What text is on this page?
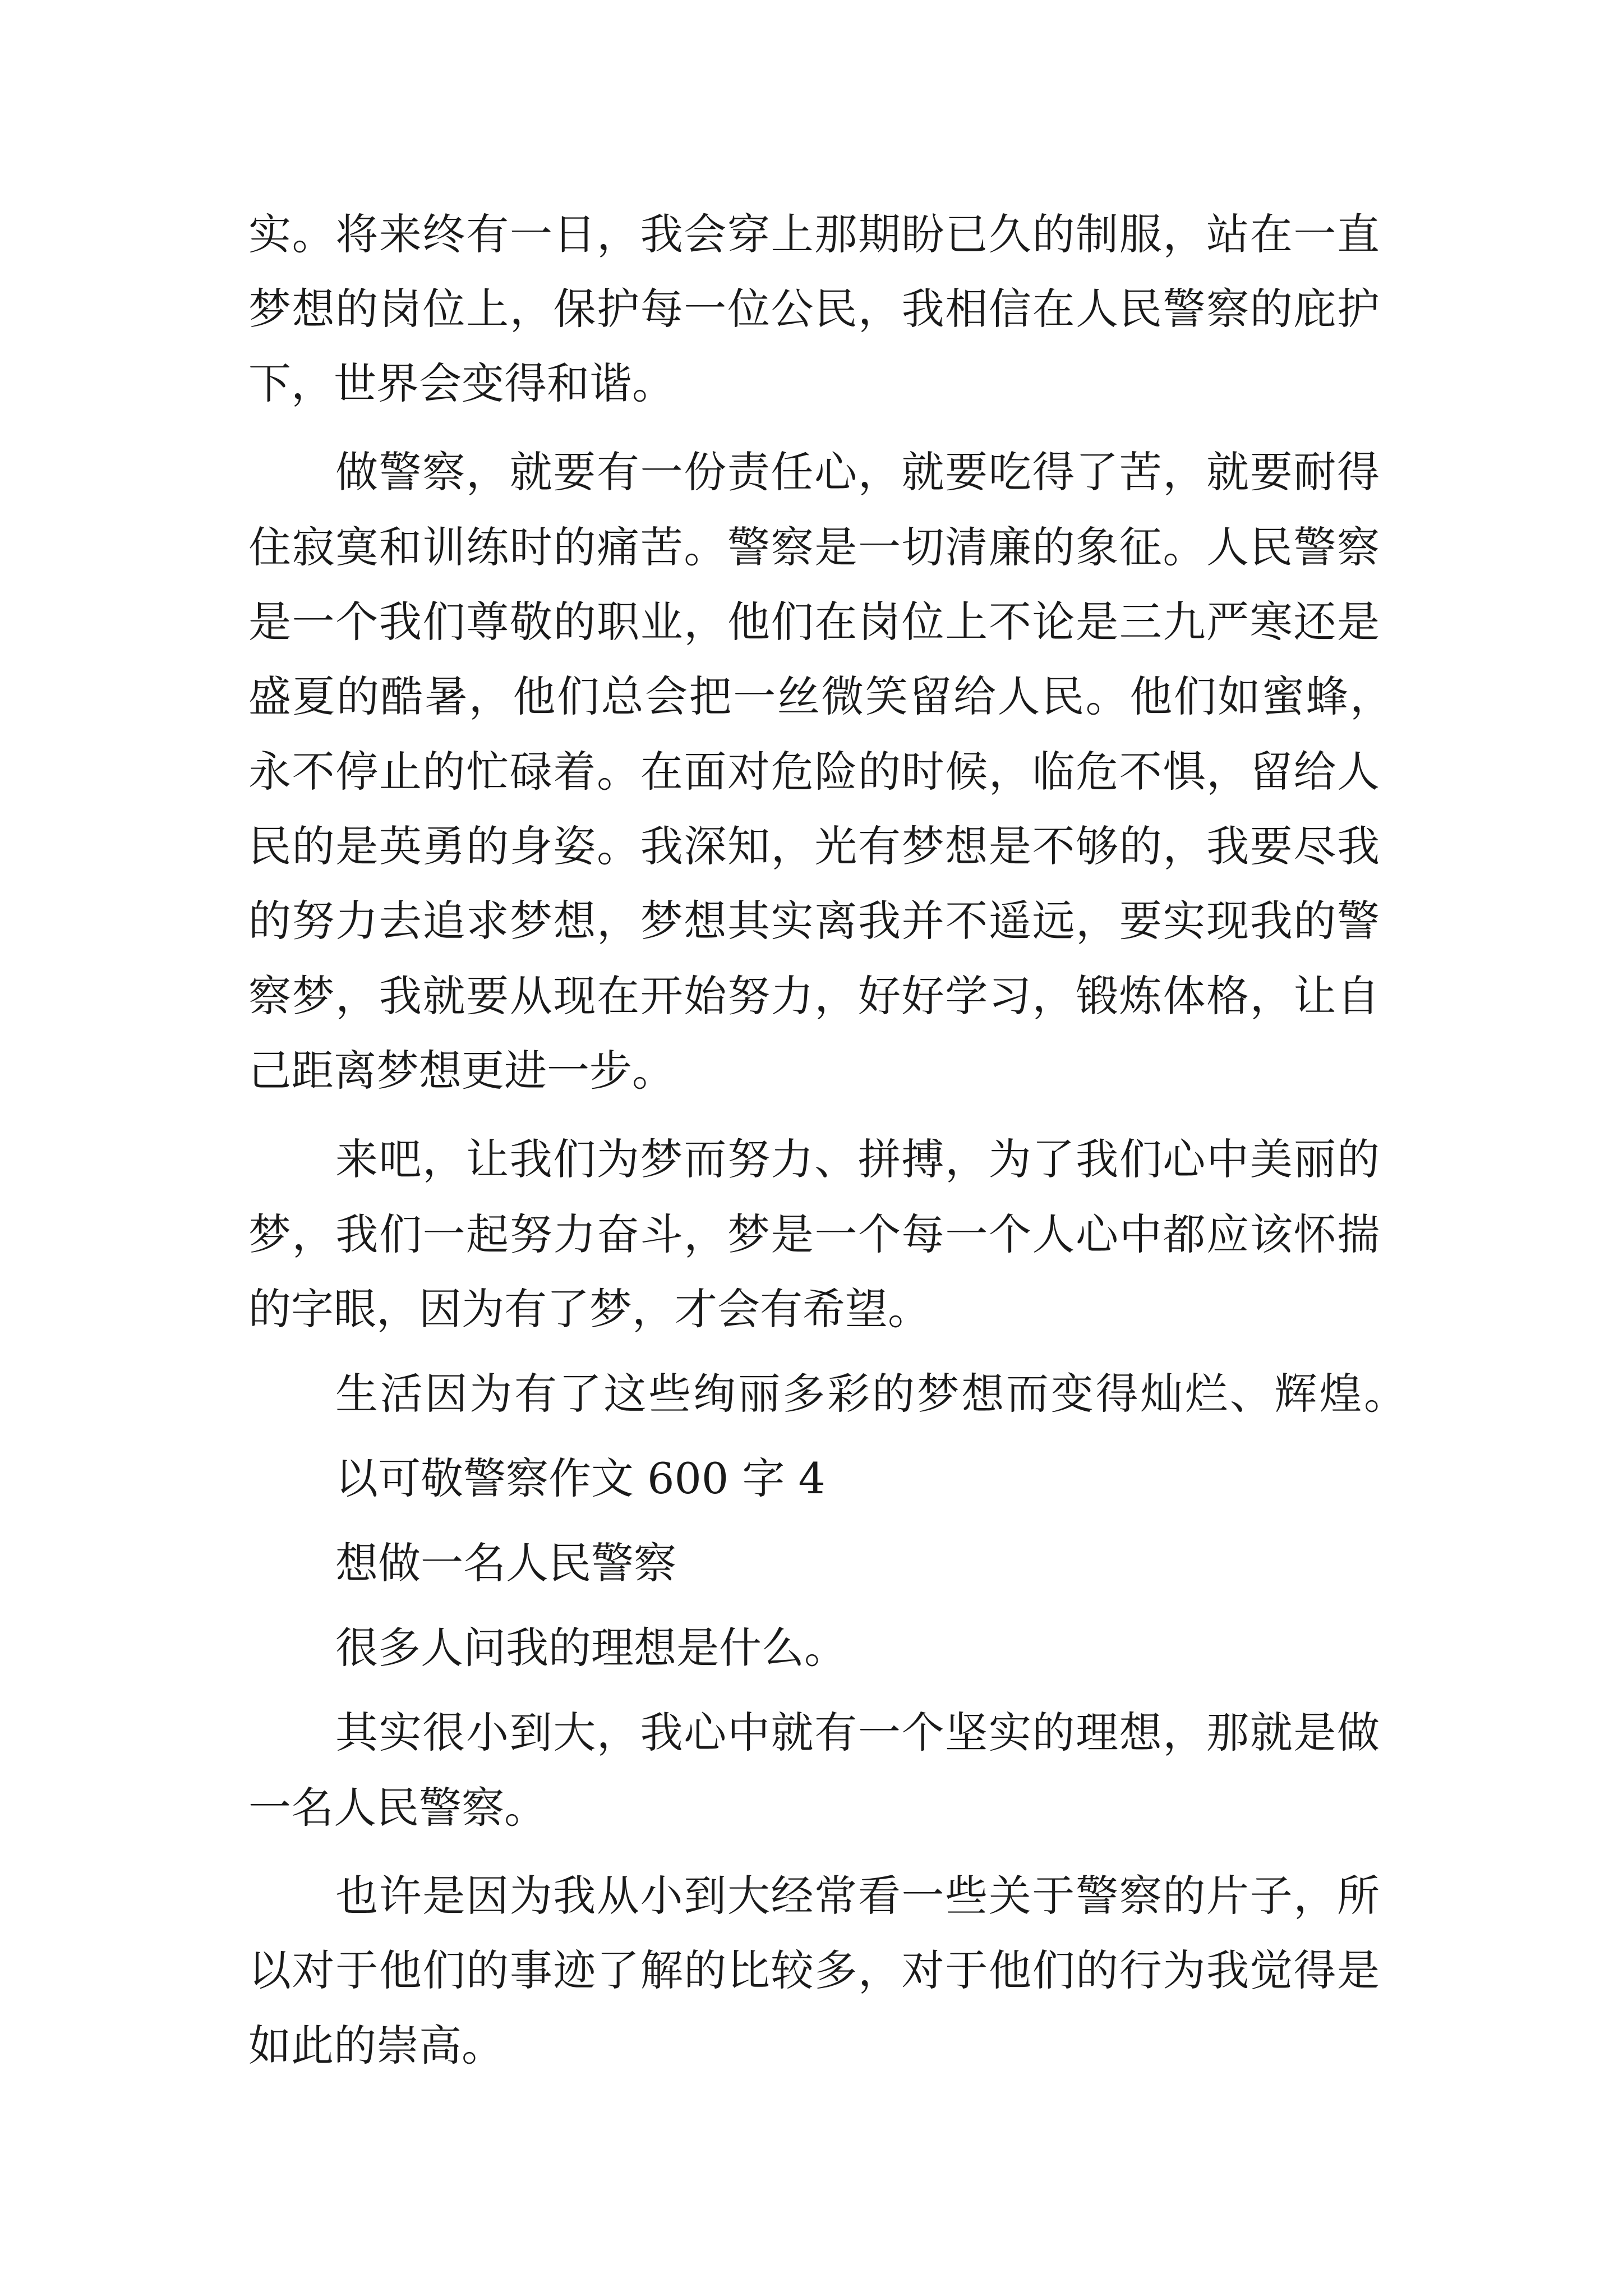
实。将来终有一日，我会穿上那期盼已久的制服，站在一直

梦想的岗位上，保护每一位公民，我相信在人民警察的庇护

下，世界会变得和谐。

做警察，就要有一份责任心，就要吃得了苦，就要耐得

住寂寞和训练时的痛苦。警察是一切清廉的象征。人民警察

是一个我们尊敬的职业，他们在岗位上不论是三九严寒还是

盛夏的酷暑，他们总会把一丝微笑留给人民。他们如蜜蜂，

永不停止的忙碌着。在面对危险的时候，临危不惧，留给人

民的是英勇的身姿。我深知，光有梦想是不够的，我要尽我

的努力去追求梦想，梦想其实离我并不遥远，要实现我的警

察梦，我就要从现在开始努力，好好学习，锻炼体格，让自

己距离梦想更进一步。

来吧，让我们为梦而努力、拼搏，为了我们心中美丽的

梦，我们一起努力奋斗，梦是一个每一个人心中都应该怀揣

的字眼，因为有了梦，才会有希望。

生活因为有了这些绚丽多彩的梦想而变得灿烂、辉煌。

以可敬警察作文 600 字 4

想做一名人民警察

很多人问我的理想是什么。

其实很小到大，我心中就有一个坚实的理想，那就是做

一名人民警察。

也许是因为我从小到大经常看一些关于警察的片子，所

以对于他们的事迹了解的比较多，对于他们的行为我觉得是

如此的崇高。
